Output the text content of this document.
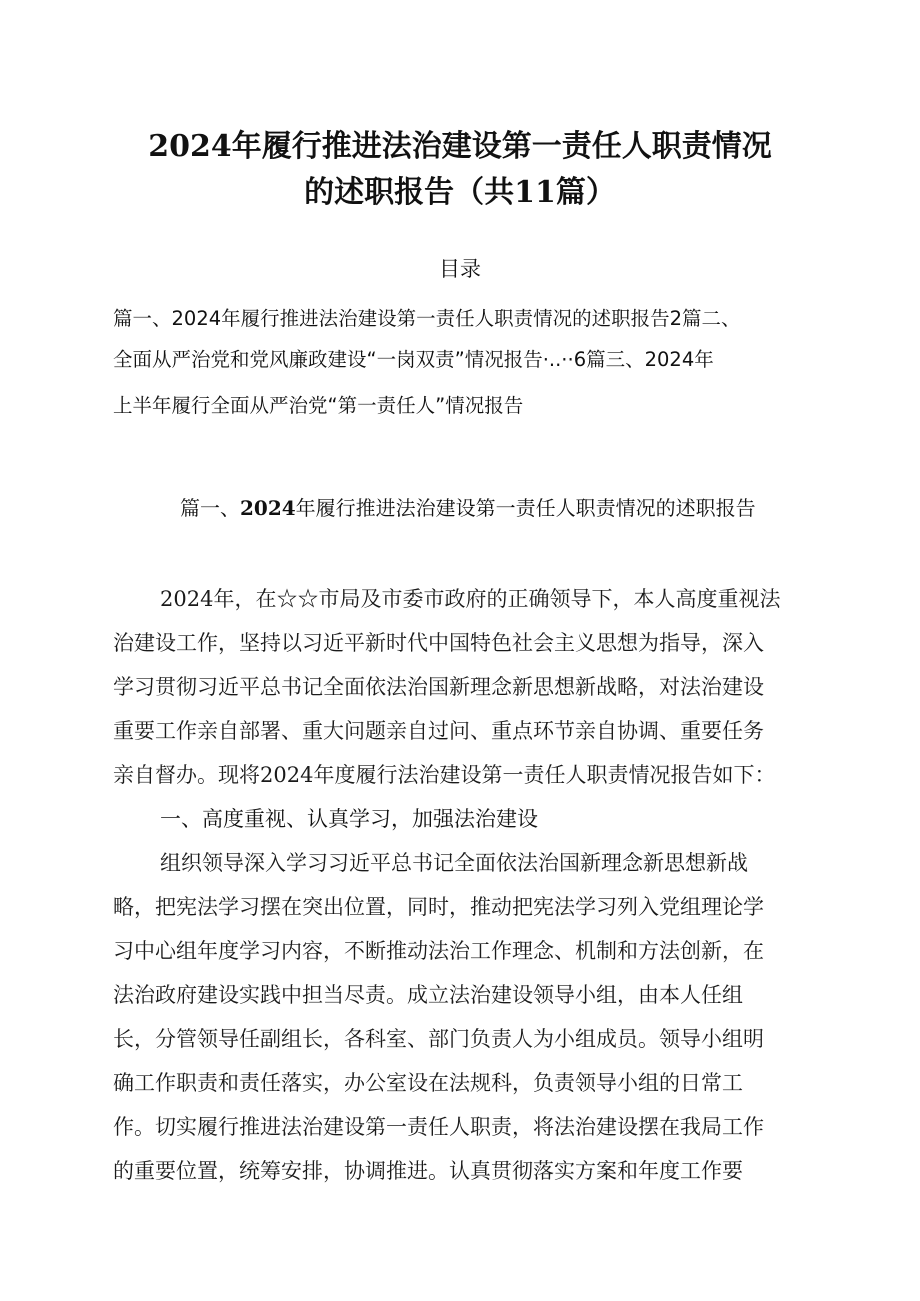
2024年履行推进法治建设第一责任人职责情况
的述职报告（共11篇）
目录
篇一、2024年履行推进法治建设第一责任人职责情况的述职报告2篇二、
全面从严治党和党风廉政建设“一岗双责”情况报告·..··6篇三、2024年
上半年履行全面从严治党“第一责任人”情况报告
篇一、2024年履行推进法治建设第一责任人职责情况的述职报告
2024年，在☆☆市局及市委市政府的正确领导下，本人高度重视法
治建设工作，坚持以习近平新时代中国特色社会主义思想为指导，深入
学习贯彻习近平总书记全面依法治国新理念新思想新战略，对法治建设
重要工作亲自部署、重大问题亲自过问、重点环节亲自协调、重要任务
亲自督办。现将2024年度履行法治建设第一责任人职责情况报告如下：
一、高度重视、认真学习，加强法治建设
组织领导深入学习习近平总书记全面依法治国新理念新思想新战
略，把宪法学习摆在突出位置，同时，推动把宪法学习列入党组理论学
习中心组年度学习内容，不断推动法治工作理念、机制和方法创新，在
法治政府建设实践中担当尽责。成立法治建设领导小组，由本人任组
长，分管领导任副组长，各科室、部门负责人为小组成员。领导小组明
确工作职责和责任落实，办公室设在法规科，负责领导小组的日常工
作。切实履行推进法治建设第一责任人职责，将法治建设摆在我局工作
的重要位置，统筹安排，协调推进。认真贯彻落实方案和年度工作要
